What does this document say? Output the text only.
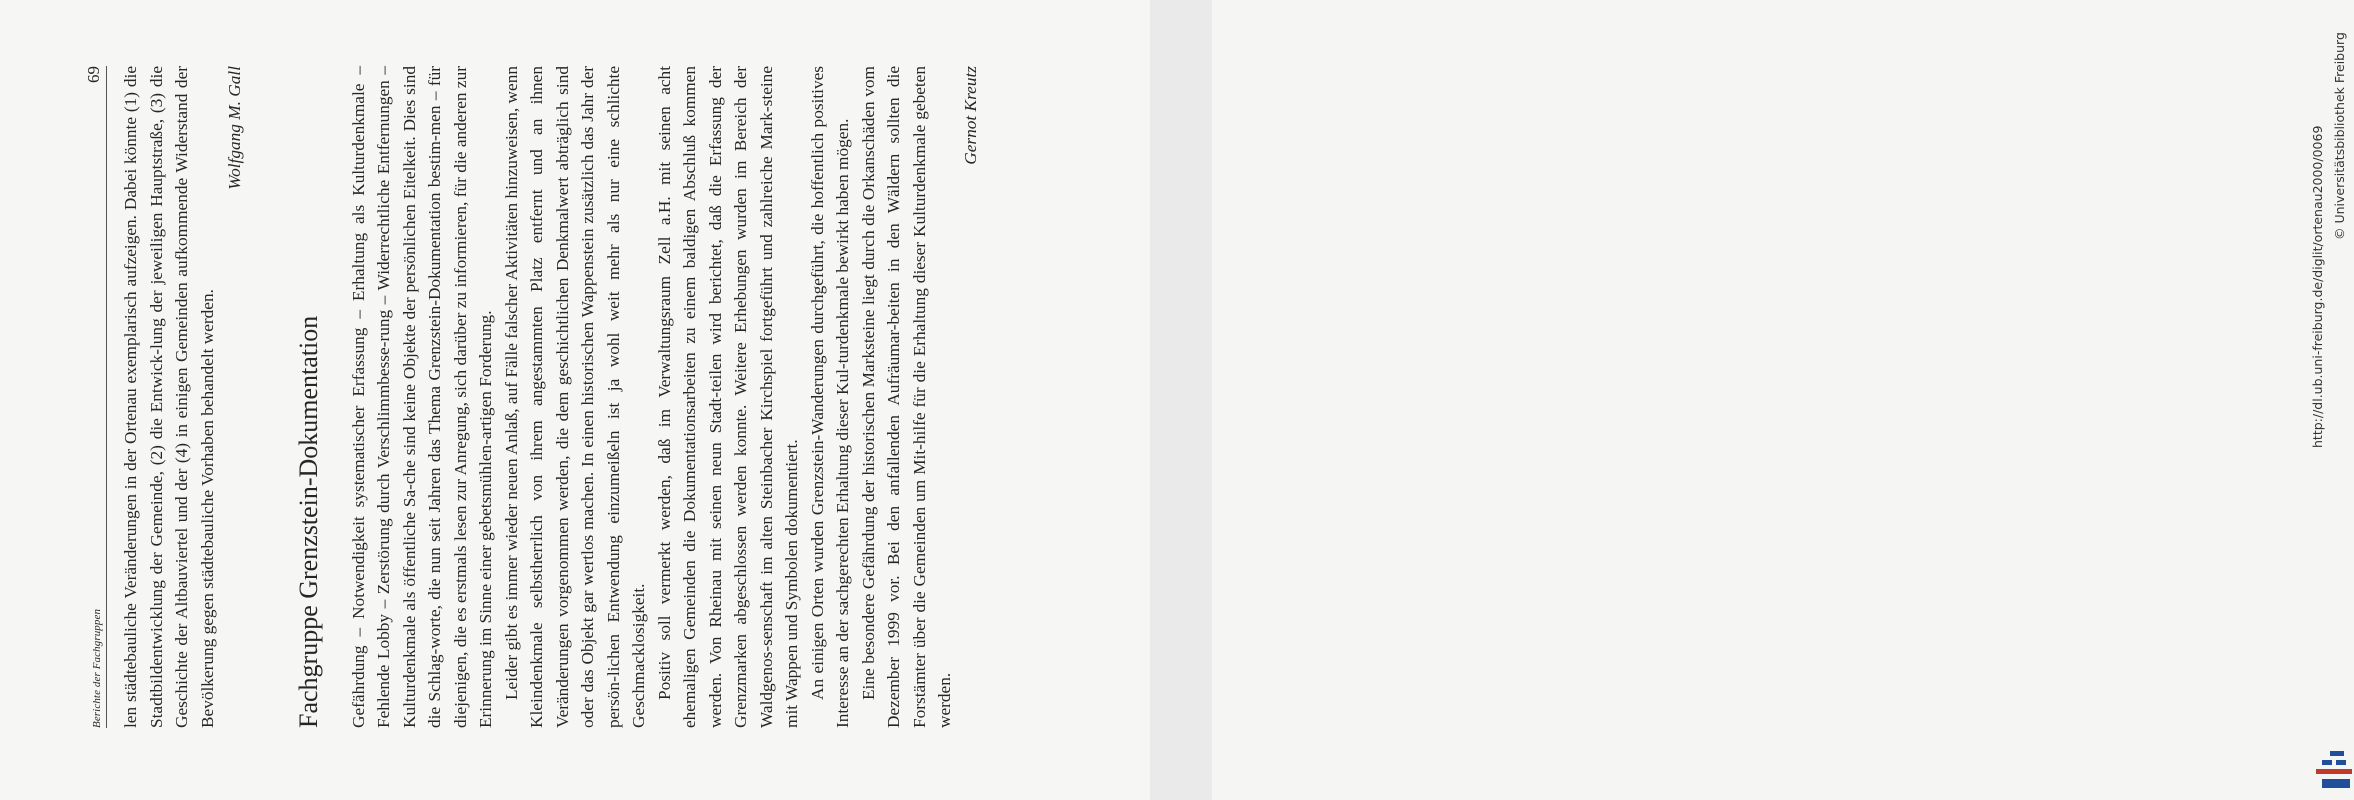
Berichte der Fachgruppen
69 len städtebauliche Veränderungen in der Ortenau exemplarisch aufzeigen. Dabei könnte (1) die Stadtbildentwicklung der Gemeinde, (2) die Entwick-lung der jeweiligen Hauptstraße, (3) die Geschichte der Altbauviertel und der (4) in einigen Gemeinden aufkommende Widerstand der Bevölkerung gegen städtebauliche Vorhaben behandelt werden.

Wolfgang M. Gall

Fachgruppe Grenzstein-Dokumentation Gefährdung – Notwendigkeit systematischer Erfassung – Erhaltung als Kulturdenkmale – Fehlende Lobby – Zerstörung durch Verschlimmbesse-rung – Widerrechtliche Entfernungen – Kulturdenkmale als öffentliche Sa-che sind keine Objekte der persönlichen Eitelkeit. Dies sind die Schlag-worte, die nun seit Jahren das Thema Grenzstein-Dokumentation bestim-men – für diejenigen, die es erstmals lesen zur Anregung, sich darüber zu informieren, für die anderen zur Erinnerung im Sinne einer gebetsmühlen-artigen Forderung. Leider gibt es immer wieder neuen Anlaß, auf Fälle falscher Aktivitäten hinzuweisen, wenn Kleindenkmale selbstherrlich von ihrem angestammten Platz entfernt und an ihnen Veränderungen vorgenommen werden, die dem geschichtlichen Denkmalwert abträglich sind oder das Objekt gar wertlos machen. In einen historischen Wappenstein zusätzlich das Jahr der persön-lichen Entwendung einzumeißeln ist ja wohl weit mehr als nur eine schlichte Geschmacklosigkeit. Positiv soll vermerkt werden, daß im Verwaltungsraum Zell a.H. mit seinen acht ehemaligen Gemeinden die Dokumentationsarbeiten zu einem baldigen Abschluß kommen werden. Von Rheinau mit seinen neun Stadt-teilen wird berichtet, daß die Erfassung der Grenzmarken abgeschlossen werden konnte. Weitere Erhebungen wurden im Bereich der Waldgenos-senschaft im alten Steinbacher Kirchspiel fortgeführt und zahlreiche Mark-steine mit Wappen und Symbolen dokumentiert. An einigen Orten wurden Grenzstein-Wanderungen durchgeführt, die hoffentlich positives Interesse an der sachgerechten Erhaltung dieser Kul-turdenkmale bewirkt haben mögen. Eine besondere Gefährdung der historischen Marksteine liegt durch die Orkanschäden vom Dezember 1999 vor. Bei den anfallenden Aufräumar-beiten in den Wäldern sollten die Forstämter über die Gemeinden um Mit-hilfe für die Erhaltung dieser Kulturdenkmale gebeten werden.

Gernot Kreutz

http://dl.ub.uni-freiburg.de/diglit/ortenau2000/0069 © Universitätsbibliothek Freiburg
